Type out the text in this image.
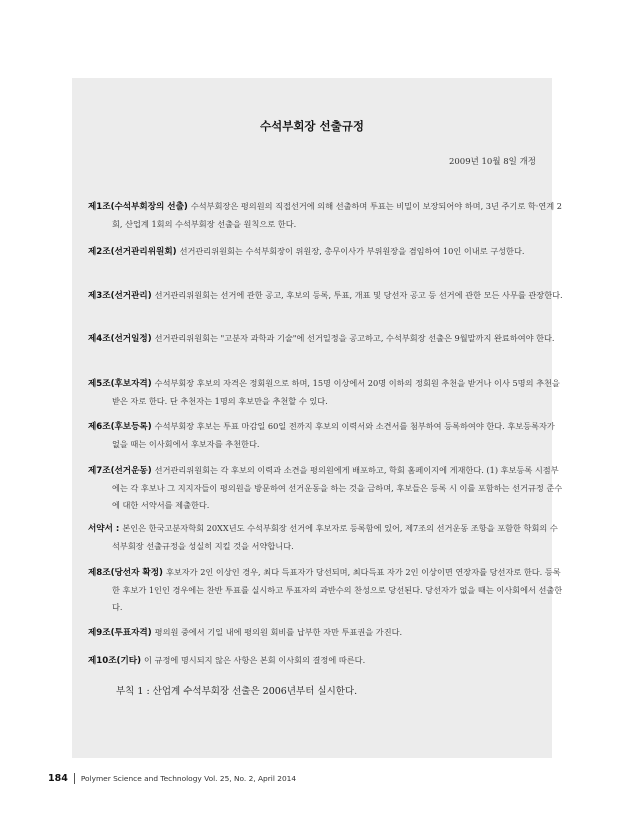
수석부회장 선출규정
2009년 10월 8일 개정
제1조(수석부회장의 선출) 수석부회장은 평의원의 직접선거에 의해 선출하며 투표는 비밀이 보장되어야 하며, 3년 주기로 학·연계 2회, 산업계 1회의 수석부회장 선출을 원칙으로 한다.
제2조(선거관리위원회) 선거관리위원회는 수석부회장이 위원장, 총무이사가 부위원장을 겸임하여 10인 이내로 구성한다.
제3조(선거관리) 선거관리위원회는 선거에 관한 공고, 후보의 등록, 투표, 개표 및 당선자 공고 등 선거에 관한 모든 사무를 관장한다.
제4조(선거일정) 선거관리위원회는 "고분자 과학과 기술"에 선거일정을 공고하고, 수석부회장 선출은 9월말까지 완료하여야 한다.
제5조(후보자격) 수석부회장 후보의 자격은 정회원으로 하며, 15명 이상에서 20명 이하의 정회원 추천을 받거나 이사 5명의 추천을 받은 자로 한다. 단 추천자는 1명의 후보만을 추천할 수 있다.
제6조(후보등록) 수석부회장 후보는 투표 마감일 60일 전까지 후보의 이력서와 소견서를 첨부하여 등록하여야 한다. 후보등록자가 없을 때는 이사회에서 후보자를 추천한다.
제7조(선거운동) 선거관리위원회는 각 후보의 이력과 소견을 평의원에게 배포하고, 학회 홈페이지에 게재한다. (1) 후보등록 시점부에는 각 후보나 그 지지자들이 평의원을 방문하여 선거운동을 하는 것을 금하며, 후보들은 등록 시 이를 포함하는 선거규정 준수에 대한 서약서를 제출한다.
서약서 : 본인은 한국고분자학회 20XX년도 수석부회장 선거에 후보자로 등록함에 있어, 제7조의 선거운동 조항을 포함한 학회의 수석부회장 선출규정을 성실히 지킬 것을 서약합니다.
제8조(당선자 확정) 후보자가 2인 이상인 경우, 최다 득표자가 당선되며, 최다득표 자가 2인 이상이면 연장자를 당선자로 한다. 등록한 후보가 1인인 경우에는 찬반 투표를 실시하고 투표자의 과반수의 찬성으로 당선된다. 당선자가 없을 때는 이사회에서 선출한다.
제9조(투표자격) 평의원 중에서 기일 내에 평의원 회비를 납부한 자만 투표권을 가진다.
제10조(기타) 이 규정에 명시되지 않은 사항은 본회 이사회의 결정에 따른다.
부칙 1 : 산업계 수석부회장 선출은 2006년부터 실시한다.
184	Polymer Science and Technology Vol. 25, No. 2, April 2014
